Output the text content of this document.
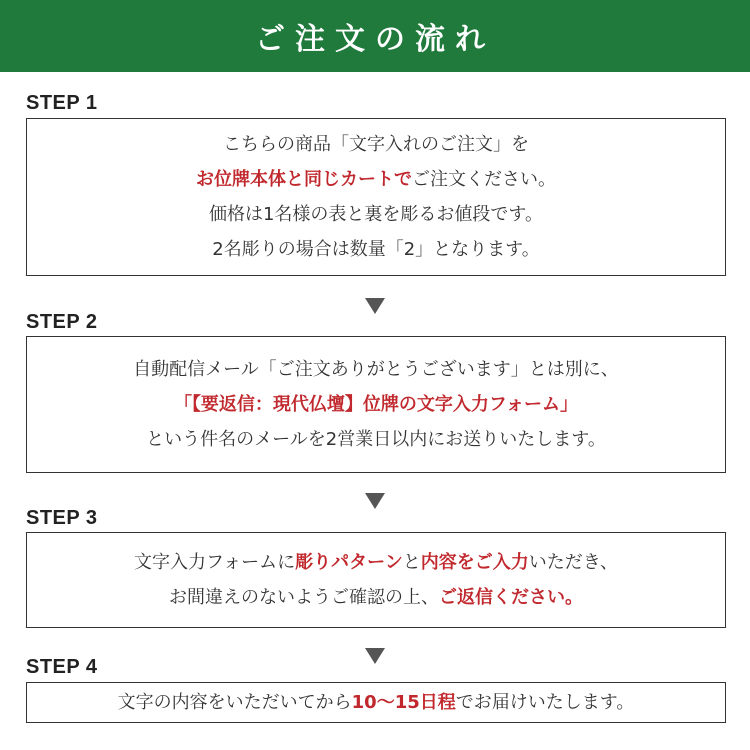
ご注文の流れ
STEP 1
こちらの商品「文字入れのご注文」を
お位牌本体と同じカートでご注文ください。
価格は1名様の表と裏を彫るお値段です。
2名彫りの場合は数量「2」となります。
STEP 2
自動配信メール「ご注文ありがとうございます」とは別に、
「【要返信：現代仏壇】位牌の文字入力フォーム」
という件名のメールを2営業日以内にお送りいたします。
STEP 3
文字入力フォームに彫りパターンと内容をご入力いただき、
お間違えのないようご確認の上、ご返信ください。
STEP 4
文字の内容をいただいてから10〜15日程でお届けいたします。
